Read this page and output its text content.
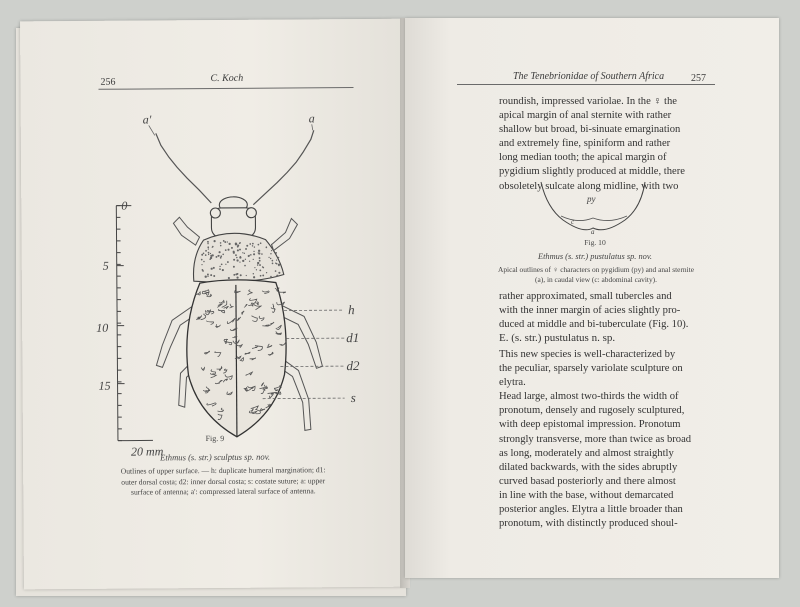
256	C. Koch
0
5
10
15
20 mm
a'	a
h
d1
d2
s
Fig. 9
Ethmus (s. str.) sculptus sp. nov.
Outlines of upper surface. — h: duplicate humeral margination; d1:
outer dorsal costa; d2: inner dorsal costa; s: costate suture; a: upper
surface of antenna; a': compressed lateral surface of antenna.
The Tenebrionidae of Southern Africa	257

roundish, impressed variolae. In the ♀ the

apical margin of anal sternite with rather

shallow but broad, bi-sinuate emargination

and extremely fine, spiniform and rather

long median tooth; the apical margin of

pygidium slightly produced at middle, there

obsoletely sulcate along midline, with two

py
c
a
Fig. 10
Ethmus (s. str.) pustulatus sp. nov.
Apical outlines of ♀ characters on pygidium (py) and anal sternite
(a), in caudal view (c: abdominal cavity).

rather approximated, small tubercles and

with the inner margin of acies slightly pro-

duced at middle and bi-tuberculate (Fig. 10).

E. (s. str.) pustulatus n. sp.

This new species is well-characterized by

the peculiar, sparsely variolate sculpture on

elytra.

Head large, almost two-thirds the width of

pronotum, densely and rugosely sculptured,

with deep epistomal impression. Pronotum

strongly transverse, more than twice as broad

as long, moderately and almost straightly

dilated backwards, with the sides abruptly

curved basad posteriorly and there almost

in line with the base, without demarcated

posterior angles. Elytra a little broader than

pronotum, with distinctly produced shoul-
